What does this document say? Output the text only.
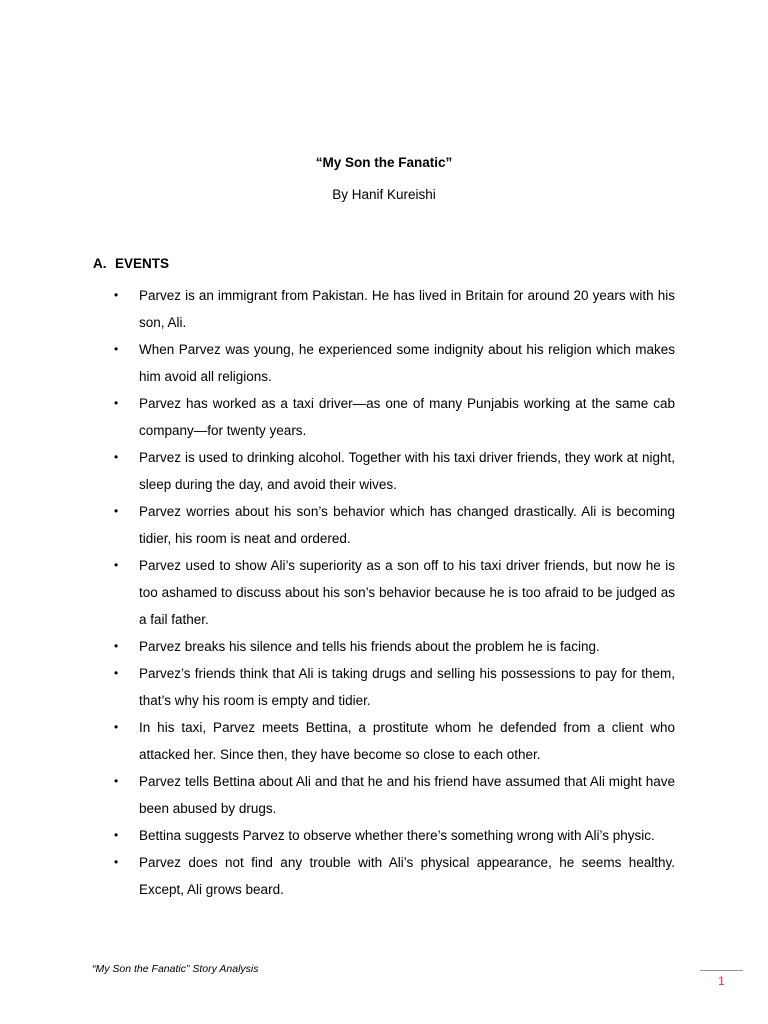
“My Son the Fanatic”
By Hanif Kureishi
A. EVENTS
• Parvez is an immigrant from Pakistan. He has lived in Britain for around 20 years with his son, Ali.
• When Parvez was young, he experienced some indignity about his religion which makes him avoid all religions.
• Parvez has worked as a taxi driver—as one of many Punjabis working at the same cab company—for twenty years.
• Parvez is used to drinking alcohol. Together with his taxi driver friends, they work at night, sleep during the day, and avoid their wives.
• Parvez worries about his son’s behavior which has changed drastically. Ali is becoming tidier, his room is neat and ordered.
• Parvez used to show Ali’s superiority as a son off to his taxi driver friends, but now he is too ashamed to discuss about his son’s behavior because he is too afraid to be judged as a fail father.
• Parvez breaks his silence and tells his friends about the problem he is facing.
• Parvez’s friends think that Ali is taking drugs and selling his possessions to pay for them, that’s why his room is empty and tidier.
• In his taxi, Parvez meets Bettina, a prostitute whom he defended from a client who attacked her. Since then, they have become so close to each other.
• Parvez tells Bettina about Ali and that he and his friend have assumed that Ali might have been abused by drugs.
• Bettina suggests Parvez to observe whether there’s something wrong with Ali’s physic.
• Parvez does not find any trouble with Ali’s physical appearance, he seems healthy. Except, Ali grows beard.
“My Son the Fanatic” Story Analysis
1
